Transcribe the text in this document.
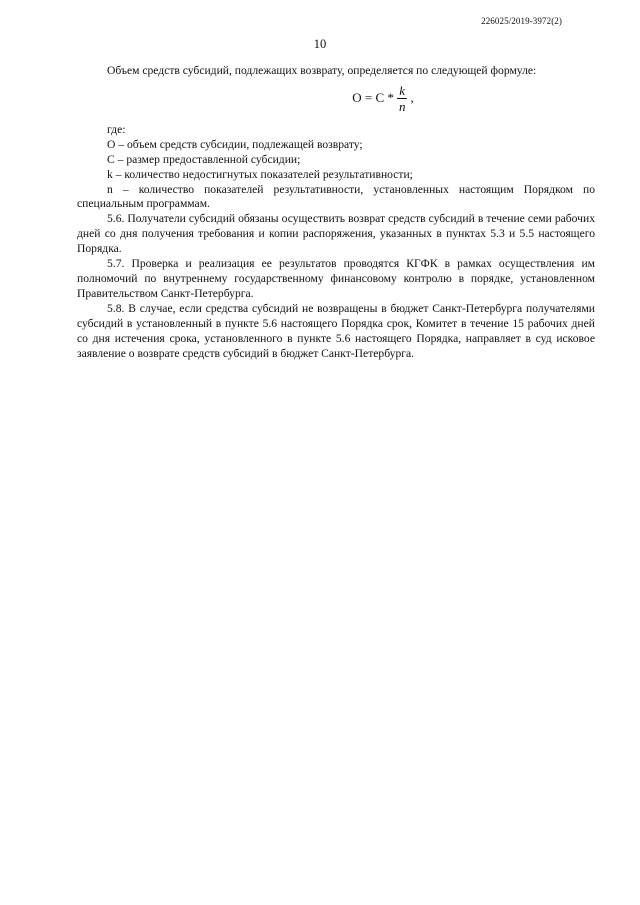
226025/2019-3972(2)
10

Объем средств субсидий, подлежащих возврату, определяется по следующей формуле:

$O = C * \frac{k}{n}$ ,

где:

O – объем средств субсидии, подлежащей возврату;

C – размер предоставленной субсидии;

k – количество недостигнутых показателей результативности;

n – количество показателей результативности, установленных настоящим Порядком по специальным программам.

5.6. Получатели субсидий обязаны осуществить возврат средств субсидий в течение семи рабочих дней со дня получения требования и копии распоряжения, указанных в пунктах 5.3 и 5.5 настоящего Порядка.

5.7. Проверка и реализация ее результатов проводятся КГФК в рамках осуществления им полномочий по внутреннему государственному финансовому контролю в порядке, установленном Правительством Санкт-Петербурга.

5.8. В случае, если средства субсидий не возвращены в бюджет Санкт-Петербурга получателями субсидий в установленный в пункте 5.6 настоящего Порядка срок, Комитет в течение 15 рабочих дней со дня истечения срока, установленного в пункте 5.6 настоящего Порядка, направляет в суд исковое заявление о возврате средств субсидий в бюджет Санкт-Петербурга.
